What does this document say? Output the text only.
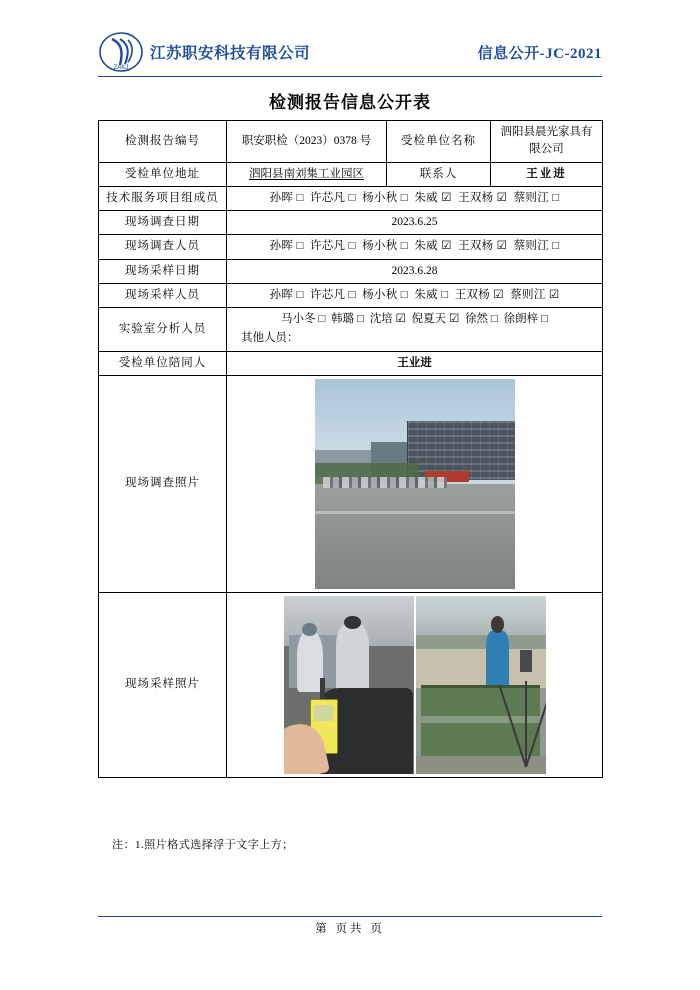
ZAKJ
江苏职安科技有限公司	信息公开-JC-2021
检测报告信息公开表
检测报告编号	职安职检（2023）0378 号	受检单位名称	泗阳县晨光家具有限公司
受检单位地址	泗阳县南刘集工业园区	联系人	王业进
技术服务项目组成员	孙晖 □ 许芯凡 □ 杨小秋 □ 朱威 ☑ 王双杨 ☑ 蔡则江 □		
现场调查日期	2023.6.25		
现场调查人员	孙晖 □ 许芯凡 □ 杨小秋 □ 朱威 ☑ 王双杨 ☑ 蔡则江 □		
现场采样日期	2023.6.28		
现场采样人员	孙晖 □ 许芯凡 □ 杨小秋 □ 朱威 □ 王双杨 ☑ 蔡则江 ☑		
实验室分析人员	马小冬 □ 韩璐 □ 沈培 ☑ 倪夏天 ☑ 徐然 □ 徐朗梓 □
其他人员：		

受检单位陪同人	王业进		
现场调查照片			

现场采样照片			
注：1.照片格式选择浮于文字上方；
第 页共 页
